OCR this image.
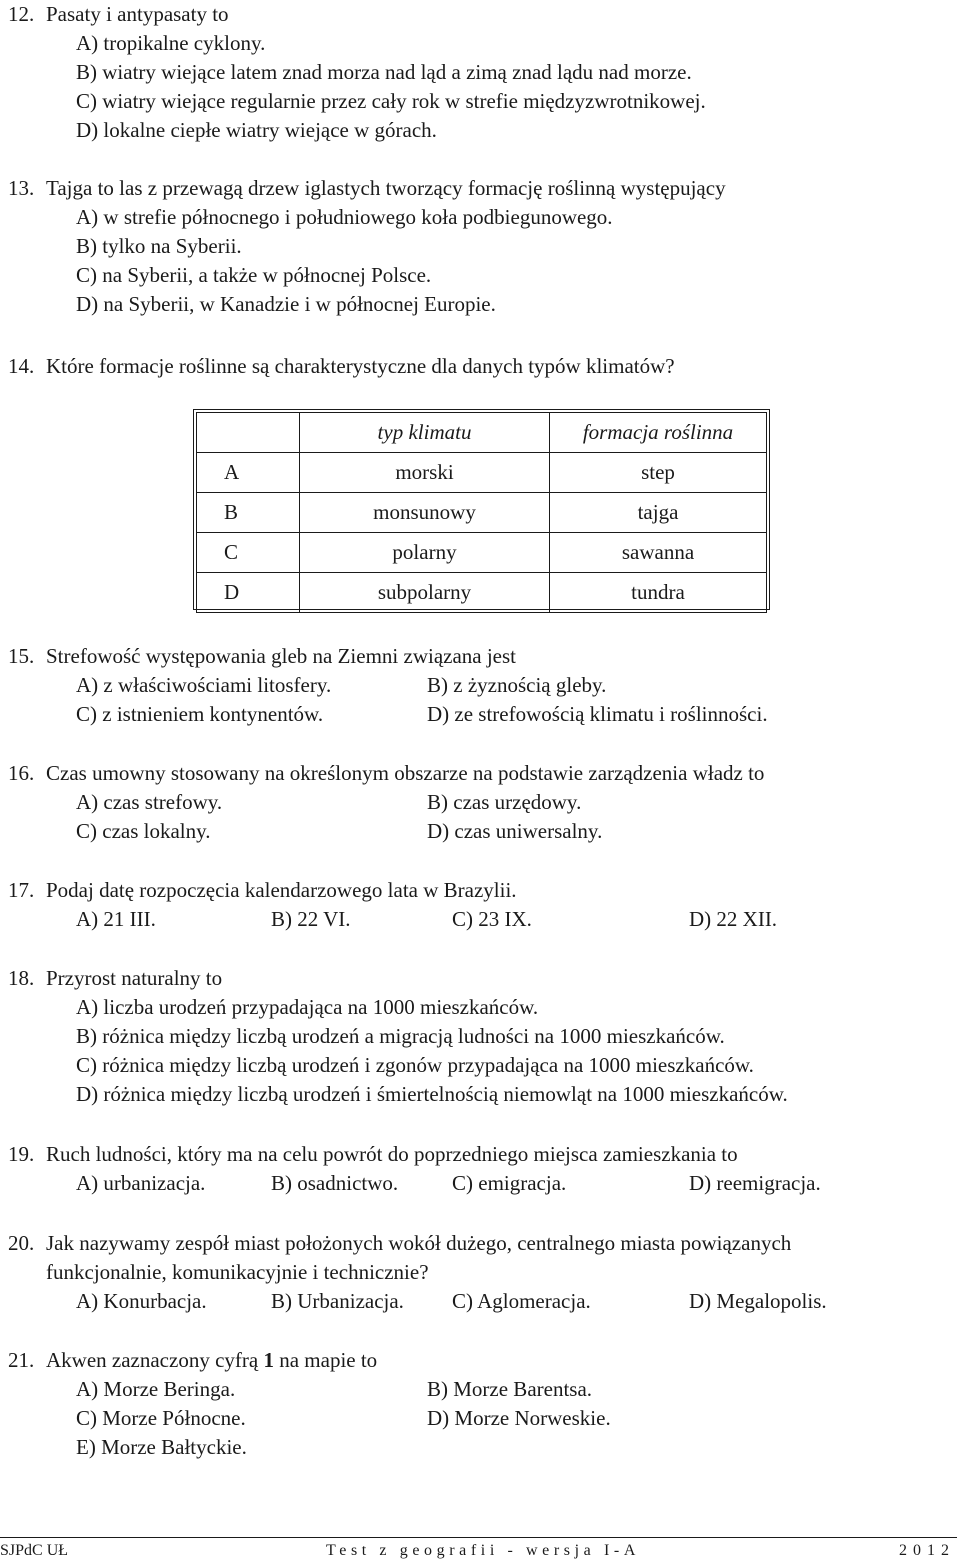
12. Pasaty i antypasaty to
A) tropikalne cyklony.
B) wiatry wiejące latem znad morza nad ląd a zimą znad lądu nad morze.
C) wiatry wiejące regularnie przez cały rok w strefie międzyzwrotnikowej.
D) lokalne ciepłe wiatry wiejące w górach.
13. Tajga to las z przewagą drzew iglastych tworzący formację roślinną występujący
A) w strefie północnego i południowego koła podbiegunowego.
B) tylko na Syberii.
C) na Syberii, a także w północnej Polsce.
D) na Syberii, w Kanadzie i w północnej Europie.
14. Które formacje roślinne są charakterystyczne dla danych typów klimatów?
	typ klimatu	formacja roślinna
A	morski	step
B	monsunowy	tajga
C	polarny	sawanna
D	subpolarny	tundra
15. Strefowość występowania gleb na Ziemni związana jest
A) z właściwościami litosfery.	B) z żyznością gleby.
C) z istnieniem kontynentów.	D) ze strefowością klimatu i roślinności.
16. Czas umowny stosowany na określonym obszarze na podstawie zarządzenia władz to
A) czas strefowy.	B) czas urzędowy.
C) czas lokalny.	D) czas uniwersalny.
17. Podaj datę rozpoczęcia kalendarzowego lata w Brazylii.
A) 21 III.	B) 22 VI.	C) 23 IX.	D) 22 XII.
18. Przyrost naturalny to
A) liczba urodzeń przypadająca na 1000 mieszkańców.
B) różnica między liczbą urodzeń a migracją ludności na 1000 mieszkańców.
C) różnica między liczbą urodzeń i zgonów przypadająca na 1000 mieszkańców.
D) różnica między liczbą urodzeń i śmiertelnością niemowląt na 1000 mieszkańców.
19. Ruch ludności, który ma na celu powrót do poprzedniego miejsca zamieszkania to
A) urbanizacja.	B) osadnictwo.	C) emigracja.	D) reemigracja.
20. Jak nazywamy zespół miast położonych wokół dużego, centralnego miasta powiązanych
funkcjonalnie, komunikacyjnie i technicznie?
A) Konurbacja.	B) Urbanizacja. C) Aglomeracja.	D) Megalopolis.
21. Akwen zaznaczony cyfrą 1 na mapie to
A) Morze Beringa.	B) Morze Barentsa.
C) Morze Północne.	D) Morze Norweskie.
E) Morze Bałtyckie.
SJPdC UŁ	Test z geografii - wersja I-A	2012
